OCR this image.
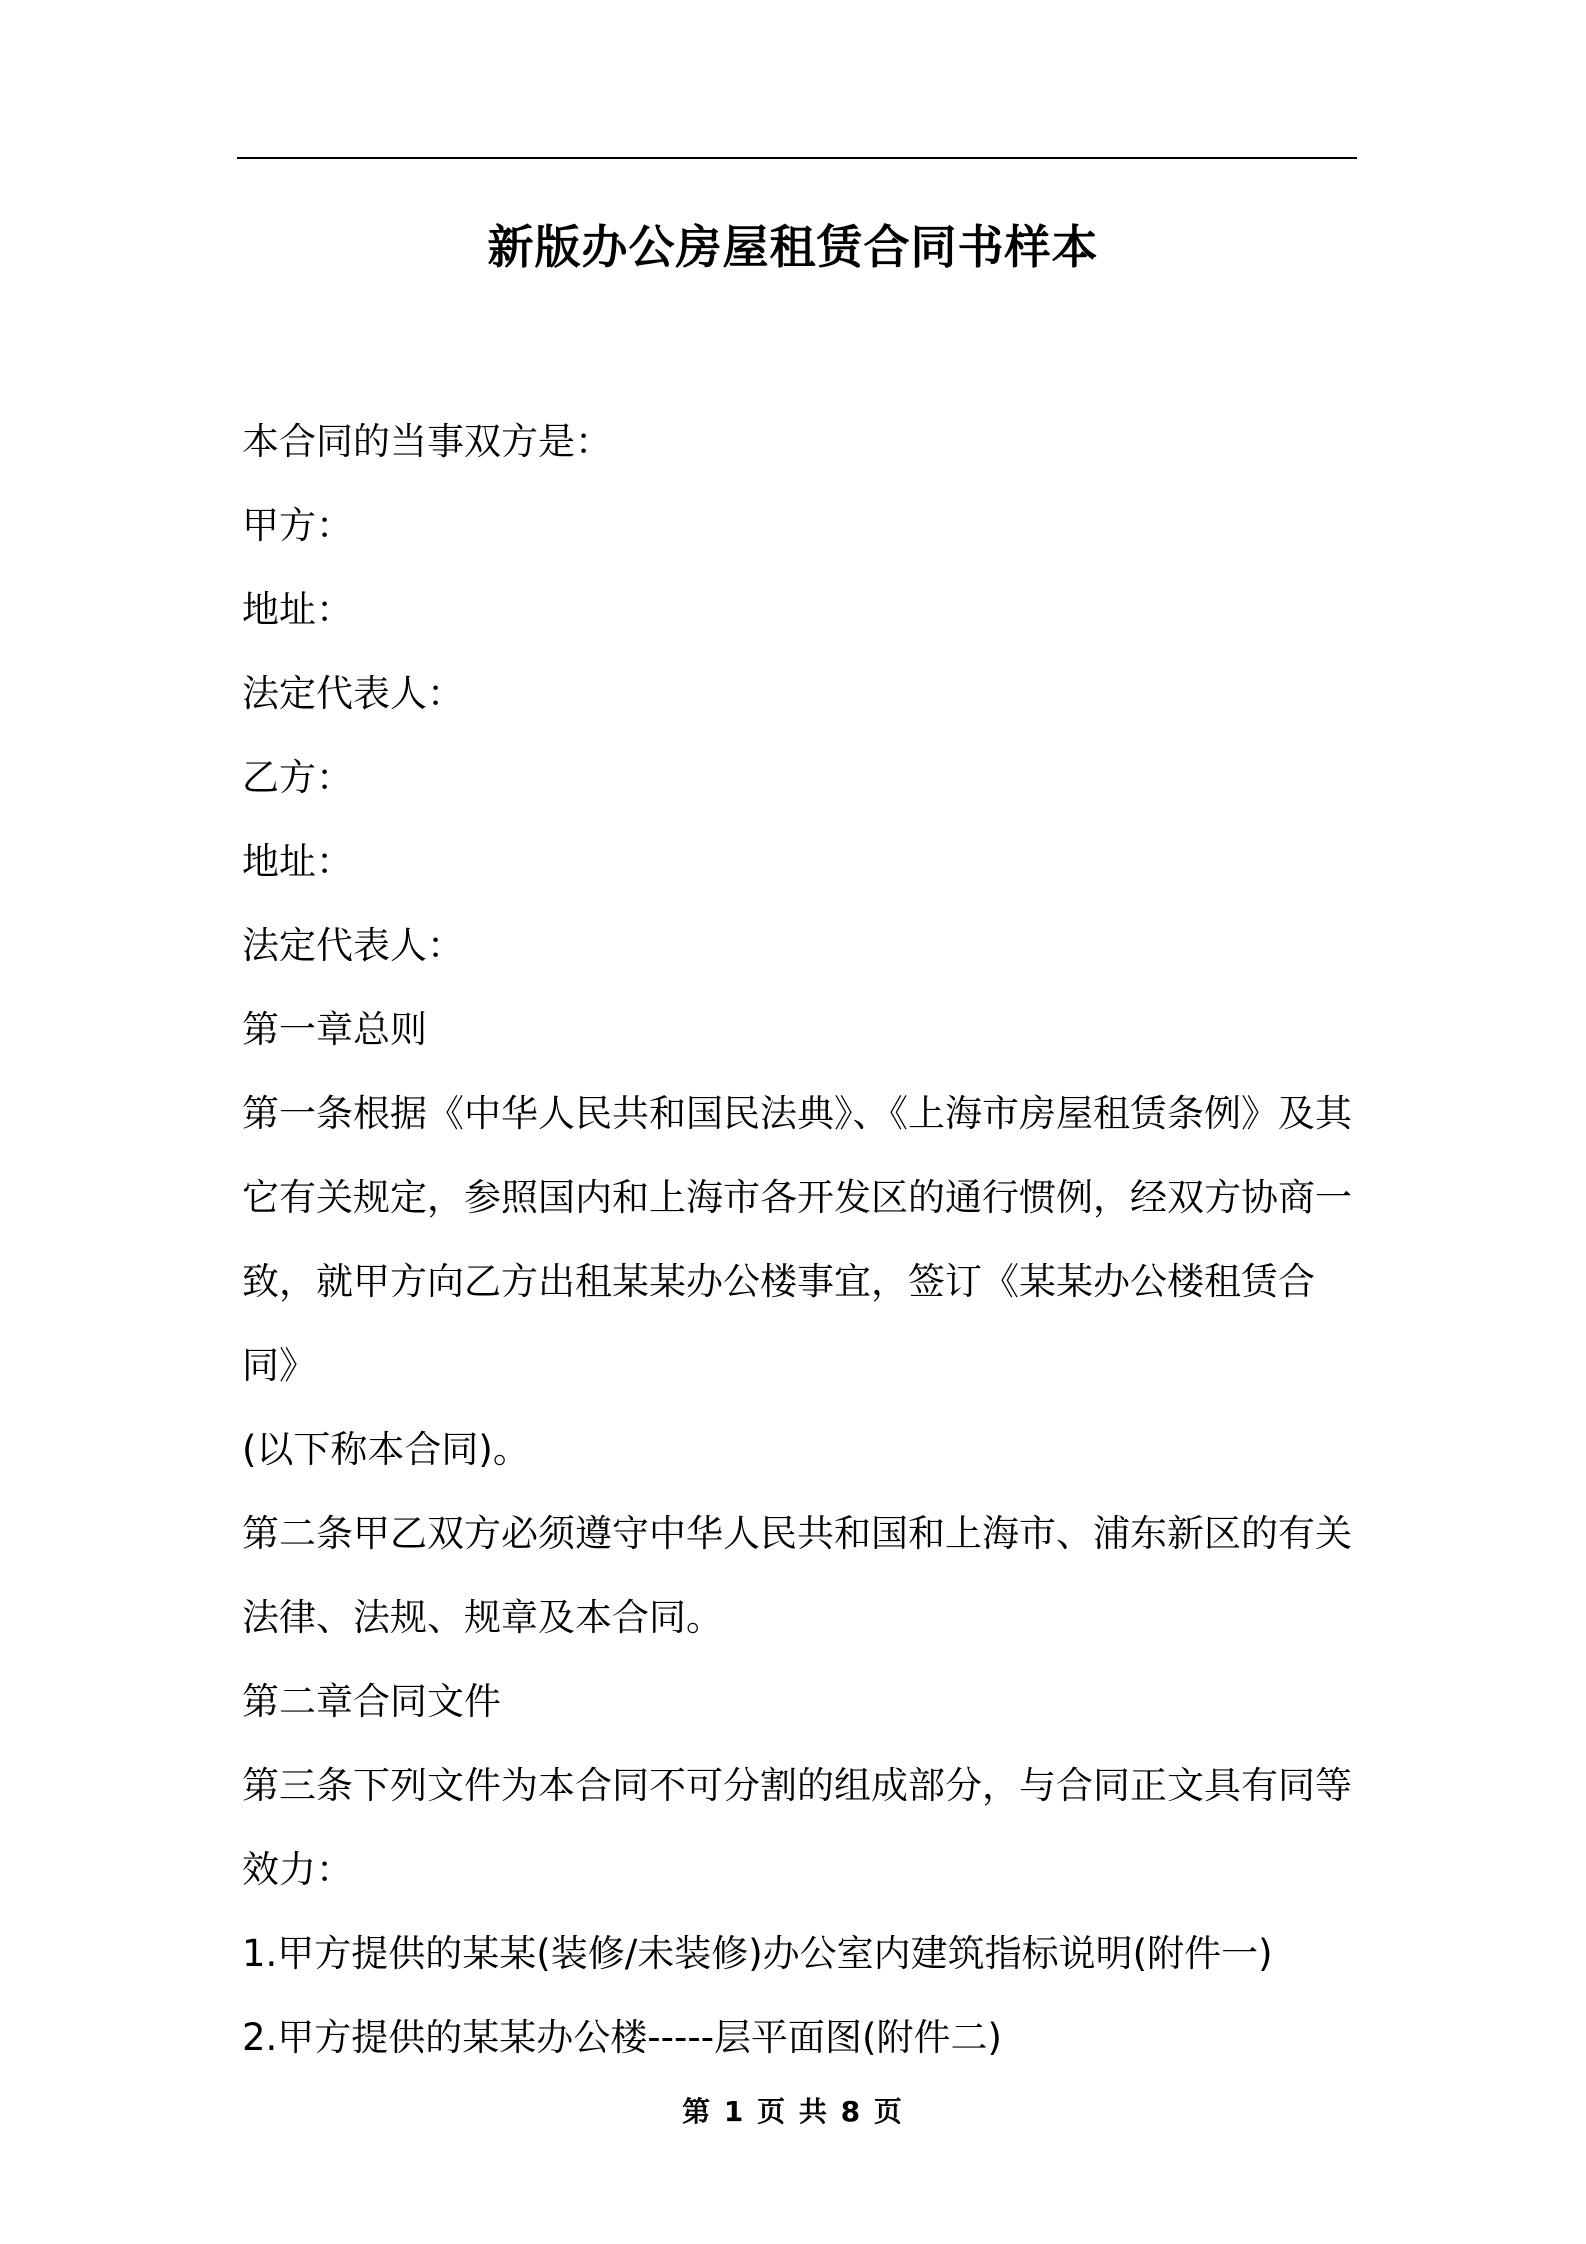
新版办公房屋租赁合同书样本

本合同的当事双方是：

甲方：

地址：

法定代表人：

乙方：

地址：

法定代表人：

第一章总则

第一条根据《中华人民共和国民法典》、《上海市房屋租赁条例》及其

它有关规定，参照国内和上海市各开发区的通行惯例，经双方协商一

致，就甲方向乙方出租某某办公楼事宜，签订《某某办公楼租赁合同》

(以下称本合同)。

第二条甲乙双方必须遵守中华人民共和国和上海市、浦东新区的有关

法律、法规、规章及本合同。

第二章合同文件

第三条下列文件为本合同不可分割的组成部分，与合同正文具有同等

效力：

1.甲方提供的某某(装修/未装修)办公室内建筑指标说明(附件一)

2.甲方提供的某某办公楼-----层平面图(附件二)

第 1 页 共 8 页
